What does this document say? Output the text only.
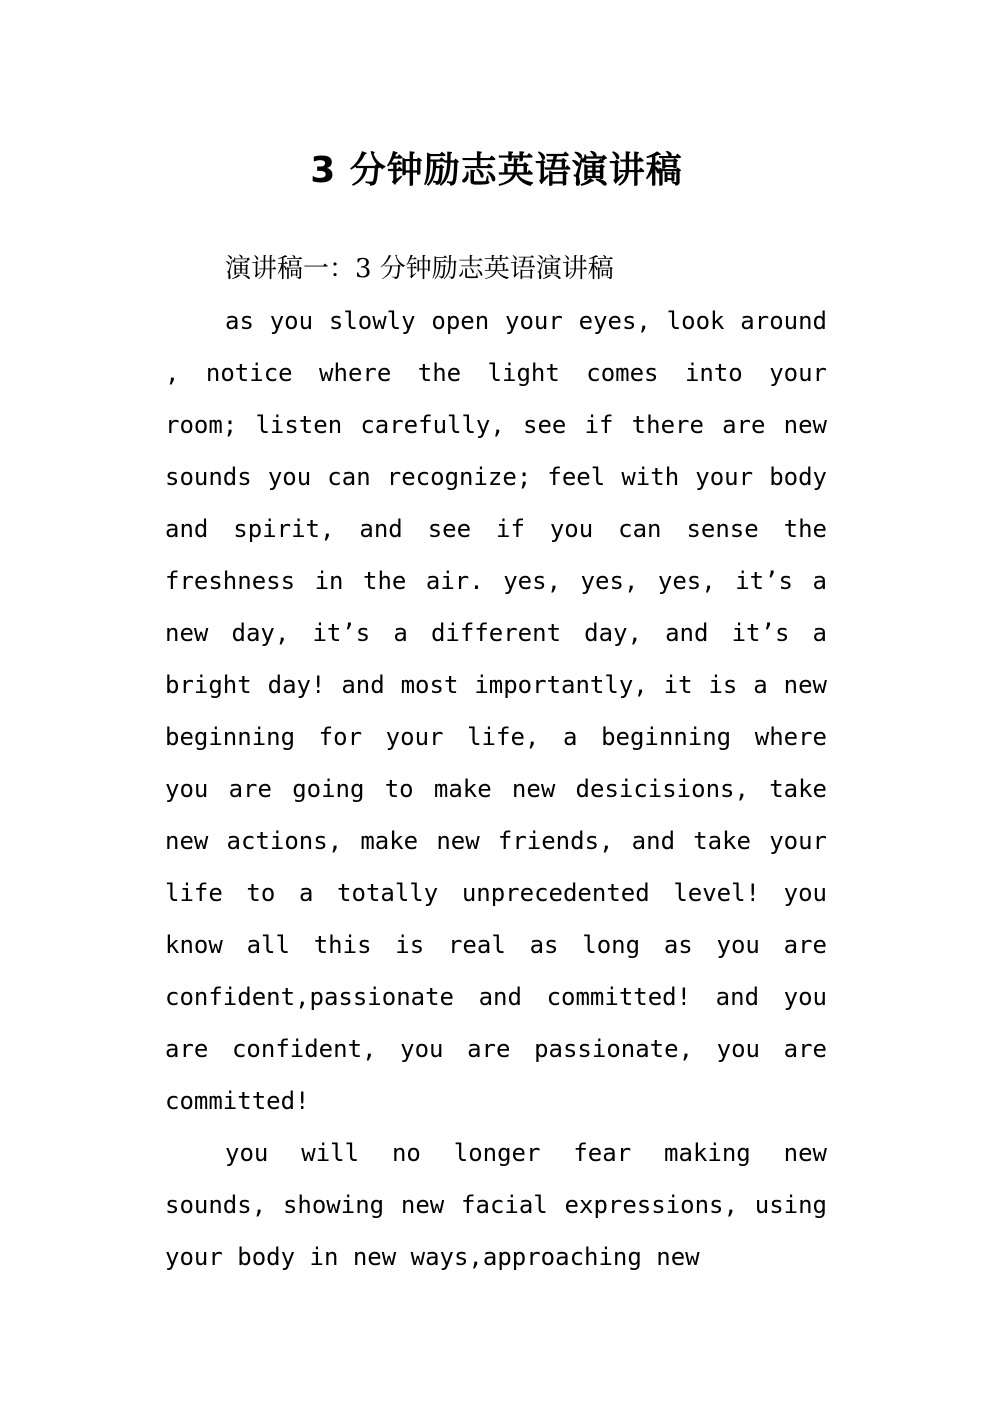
3 分钟励志英语演讲稿

演讲稿一：3 分钟励志英语演讲稿

as you slowly open your eyes, look around , notice where the light comes into your room; listen carefully, see if there are new sounds you can recognize; feel with your body and spirit, and see if you can sense the freshness in the air. yes, yes, yes, it’s a new day, it’s a different day, and it’s a bright day! and most importantly, it is a new beginning for your life, a beginning where you are going to make new desicisions, take new actions, make new friends, and take your life to a totally unprecedented level! you know all this is real as long as you are confident,passionate and committed! and you are confident, you are passionate, you are committed!

you will no longer fear making new sounds, showing new facial expressions, using your body in new ways,approaching new
